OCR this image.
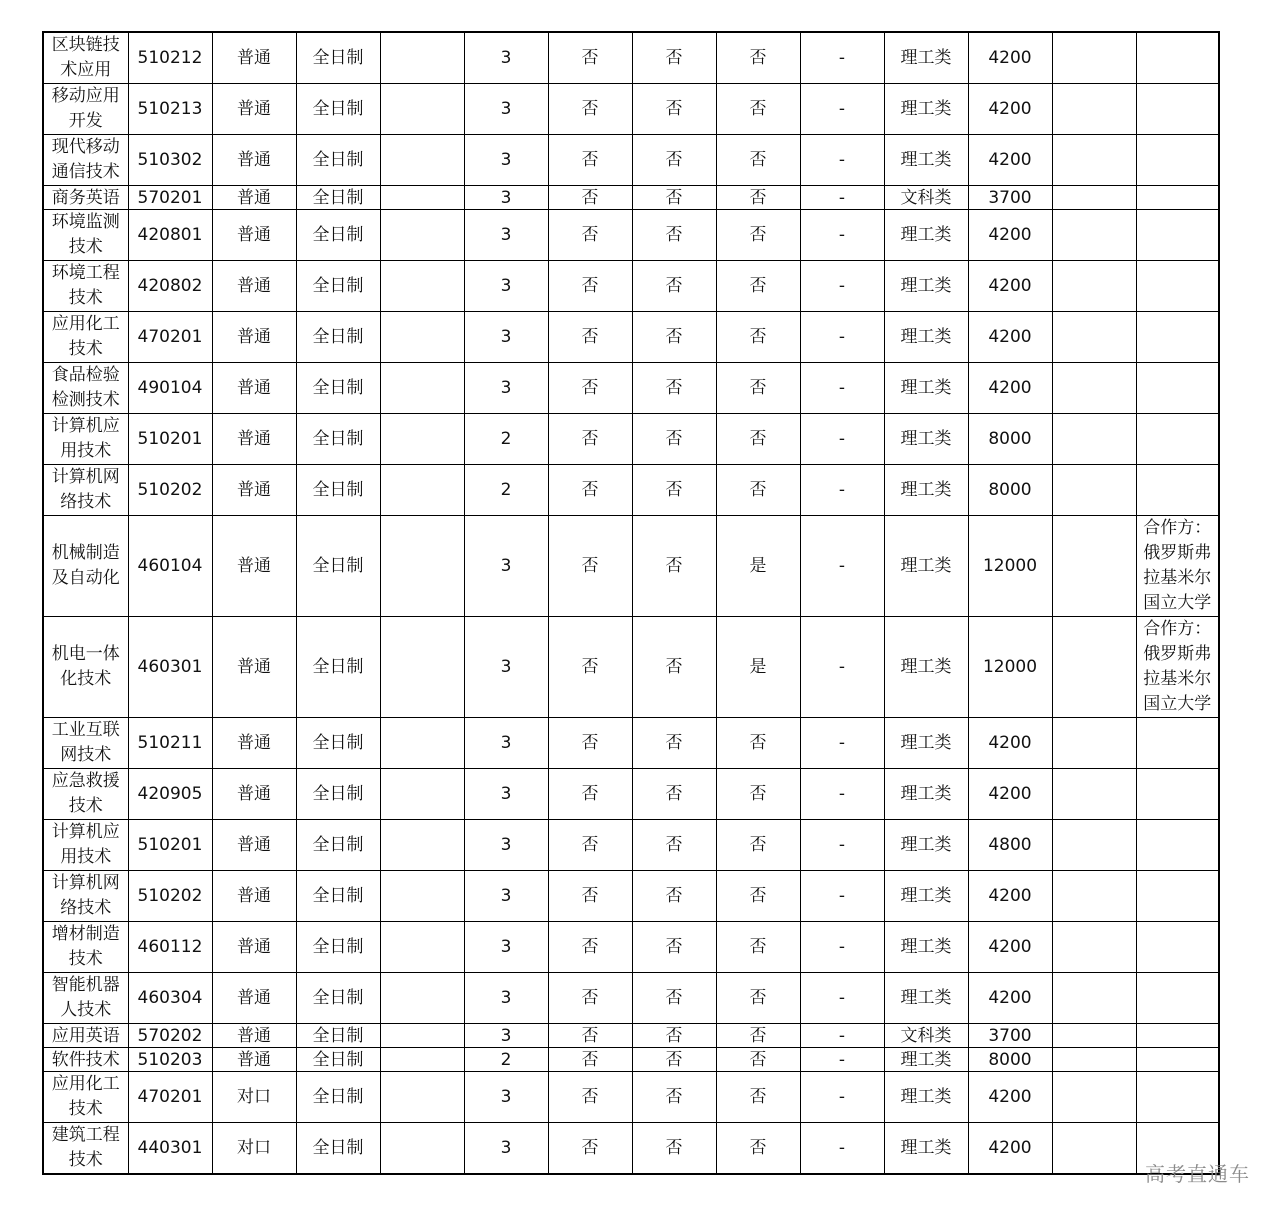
区块链技
术应用	510212	普通	全日制		3	否	否	否	-	理工类	4200		
移动应用
开发	510213	普通	全日制		3	否	否	否	-	理工类	4200		
现代移动
通信技术	510302	普通	全日制		3	否	否	否	-	理工类	4200		
商务英语	570201	普通	全日制		3	否	否	否	-	文科类	3700		
环境监测
技术	420801	普通	全日制		3	否	否	否	-	理工类	4200		
环境工程
技术	420802	普通	全日制		3	否	否	否	-	理工类	4200		
应用化工
技术	470201	普通	全日制		3	否	否	否	-	理工类	4200		
食品检验
检测技术	490104	普通	全日制		3	否	否	否	-	理工类	4200		
计算机应
用技术	510201	普通	全日制		2	否	否	否	-	理工类	8000		
计算机网
络技术	510202	普通	全日制		2	否	否	否	-	理工类	8000		
机械制造
及自动化	460104	普通	全日制		3	否	否	是	-	理工类	12000		合作方：
俄罗斯弗
拉基米尔
国立大学
机电一体
化技术	460301	普通	全日制		3	否	否	是	-	理工类	12000		合作方：
俄罗斯弗
拉基米尔
国立大学
工业互联
网技术	510211	普通	全日制		3	否	否	否	-	理工类	4200		
应急救援
技术	420905	普通	全日制		3	否	否	否	-	理工类	4200		
计算机应
用技术	510201	普通	全日制		3	否	否	否	-	理工类	4800		
计算机网
络技术	510202	普通	全日制		3	否	否	否	-	理工类	4200		
增材制造
技术	460112	普通	全日制		3	否	否	否	-	理工类	4200		
智能机器
人技术	460304	普通	全日制		3	否	否	否	-	理工类	4200		
应用英语	570202	普通	全日制		3	否	否	否	-	文科类	3700		
软件技术	510203	普通	全日制		2	否	否	否	-	理工类	8000		
应用化工
技术	470201	对口	全日制		3	否	否	否	-	理工类	4200		
建筑工程
技术	440301	对口	全日制		3	否	否	否	-	理工类	4200		
高考直通车
